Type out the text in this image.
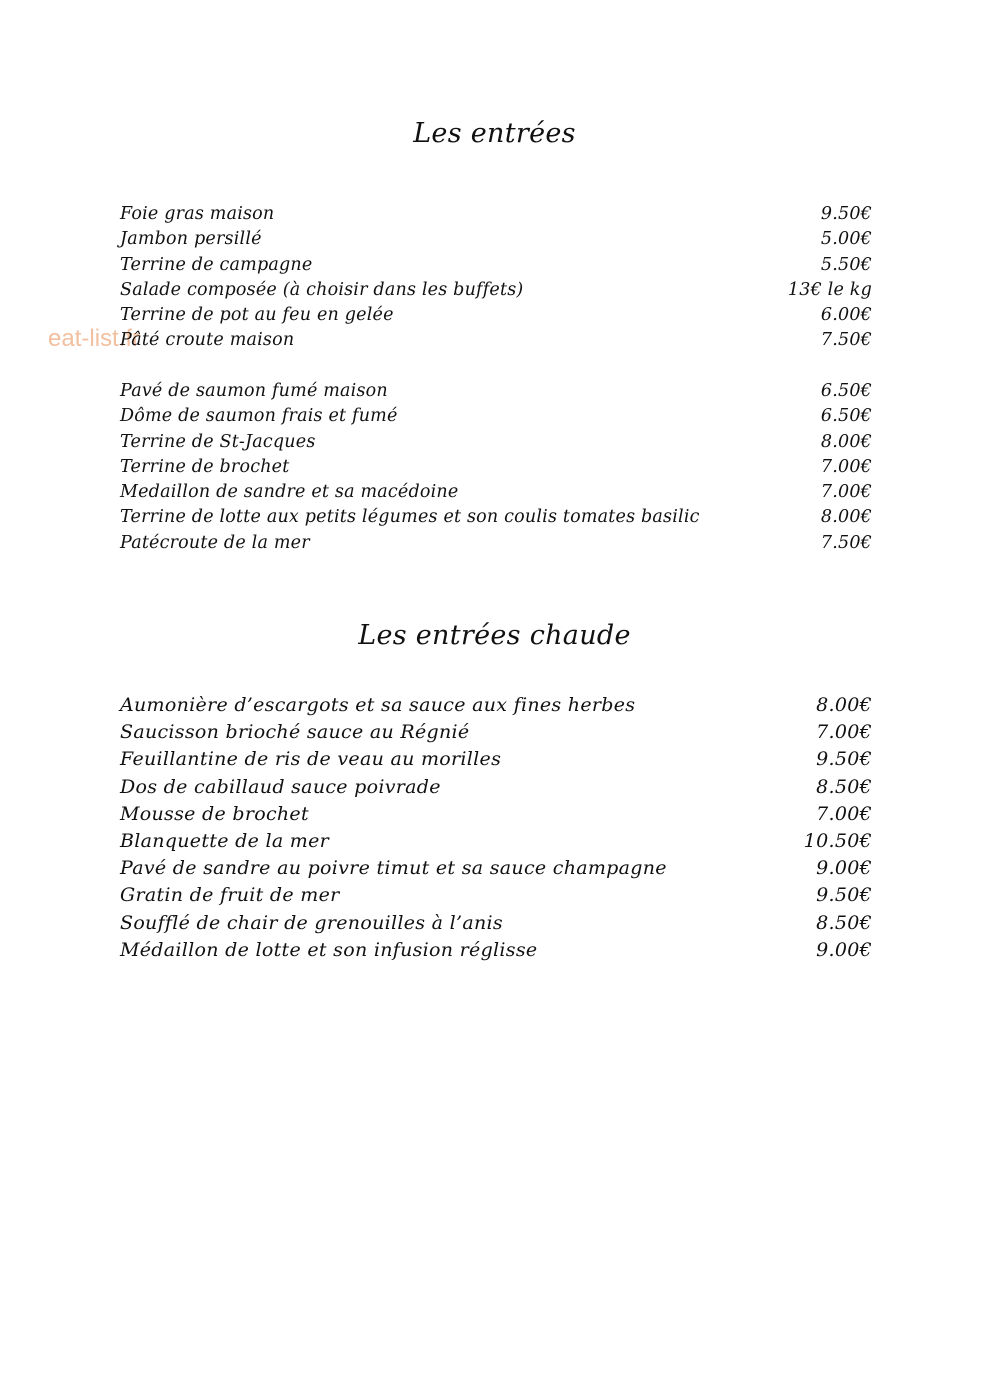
eat-list.fr
Les entrées
Foie gras maison	9.50€
Jambon persillé	5.00€
Terrine de campagne	5.50€
Salade composée (à choisir dans les buffets)	13€ le kg
Terrine de pot au feu en gelée	6.00€
Pâté croute maison	7.50€
Pavé de saumon fumé maison	6.50€
Dôme de saumon frais et fumé	6.50€
Terrine de St-Jacques	8.00€
Terrine de brochet	7.00€
Medaillon de sandre et sa macédoine	7.00€
Terrine de lotte aux petits légumes et son coulis tomates basilic	8.00€
Patécroute de la mer	7.50€
Les entrées chaude
Aumonière d’escargots et sa sauce aux fines herbes	8.00€
Saucisson brioché sauce au Régnié	7.00€
Feuillantine de ris de veau au morilles	9.50€
Dos de cabillaud sauce poivrade	8.50€
Mousse de brochet	7.00€
Blanquette de la mer	10.50€
Pavé de sandre au poivre timut et sa sauce champagne	9.00€
Gratin de fruit de mer	9.50€
Soufflé de chair de grenouilles à l’anis	8.50€
Médaillon de lotte et son infusion réglisse	9.00€
